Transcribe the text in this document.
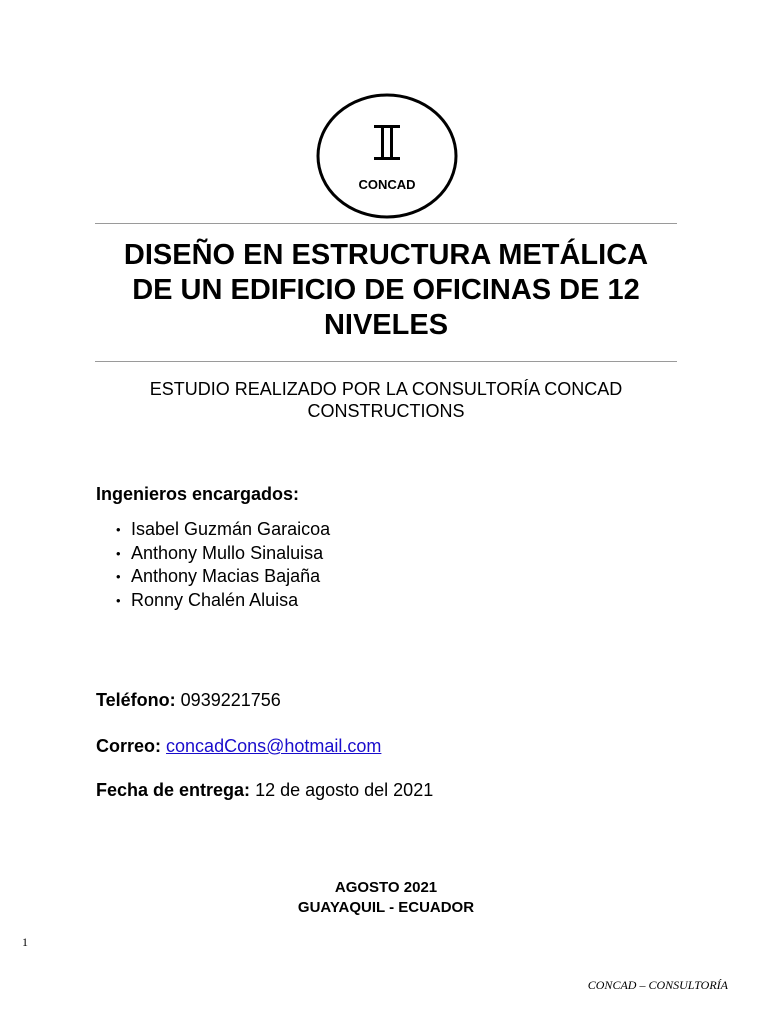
CONCAD
DISEÑO EN ESTRUCTURA METÁLICA
DE UN EDIFICIO DE OFICINAS DE 12
NIVELES

ESTUDIO REALIZADO POR LA CONSULTORÍA CONCAD
CONSTRUCTIONS

Ingenieros encargados:

• Isabel Guzmán Garaicoa
• Anthony Mullo Sinaluisa
• Anthony Macias Bajaña
• Ronny Chalén Aluisa

Teléfono: 0939221756

Correo: concadCons@hotmail.com

Fecha de entrega: 12 de agosto del 2021

AGOSTO 2021
GUAYAQUIL - ECUADOR
1
CONCAD – CONSULTORÍA
